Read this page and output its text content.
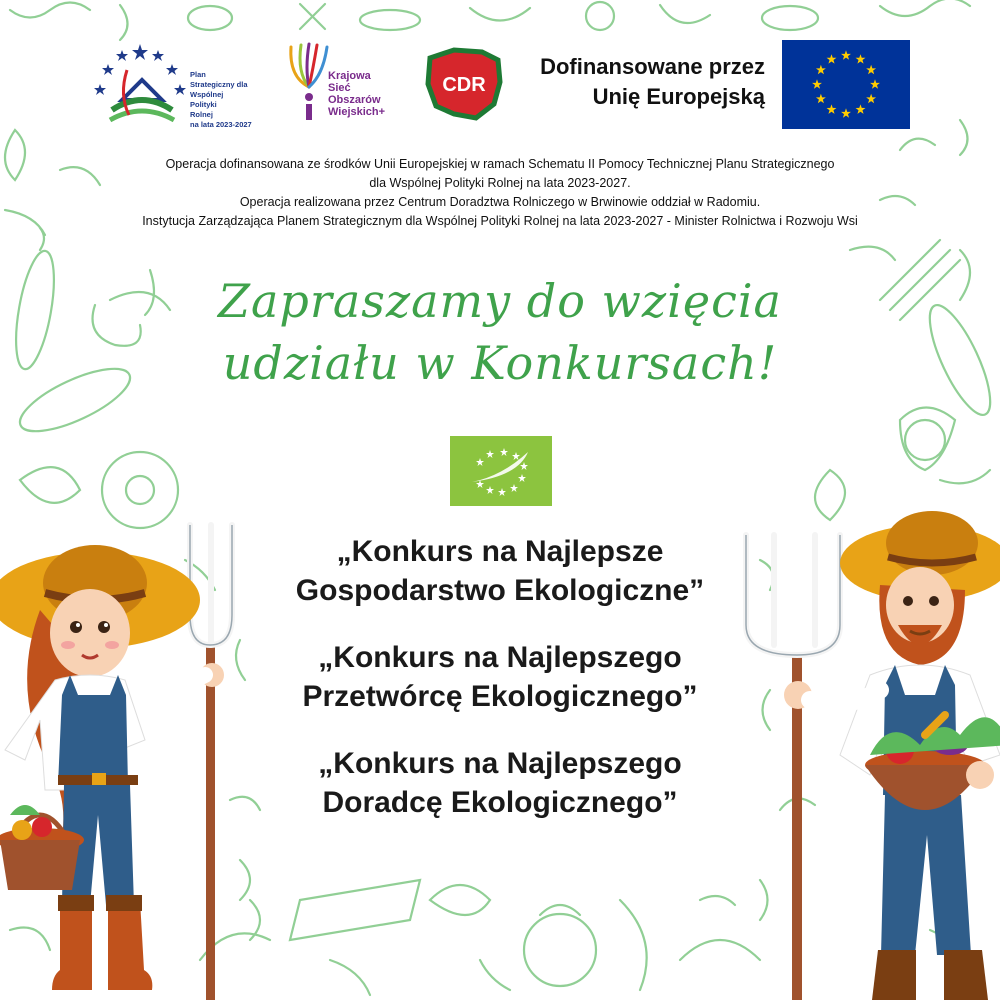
Plan
Strategiczny dla
Wspólnej
Polityki
Rolnej
na lata 2023-2027
Krajowa
Sieć
Obszarów
Wiejskich+
CDR
Dofinansowane przez
Unię Europejską
Operacja dofinansowana ze środków Unii Europejskiej w ramach Schematu II Pomocy Technicznej Planu Strategicznego
dla Wspólnej Polityki Rolnej na lata 2023-2027.
Operacja realizowana przez Centrum Doradztwa Rolniczego w Brwinowie oddział w Radomiu.
Instytucja Zarządzająca Planem Strategicznym dla Wspólnej Polityki Rolnej na lata 2023-2027 - Minister Rolnictwa i Rozwoju Wsi
Zapraszamy do wzięcia
udziału w Konkursach!
„Konkurs na Najlepsze
Gospodarstwo Ekologiczne”
„Konkurs na Najlepszego
Przetwórcę Ekologicznego”
„Konkurs na Najlepszego
Doradcę Ekologicznego”
